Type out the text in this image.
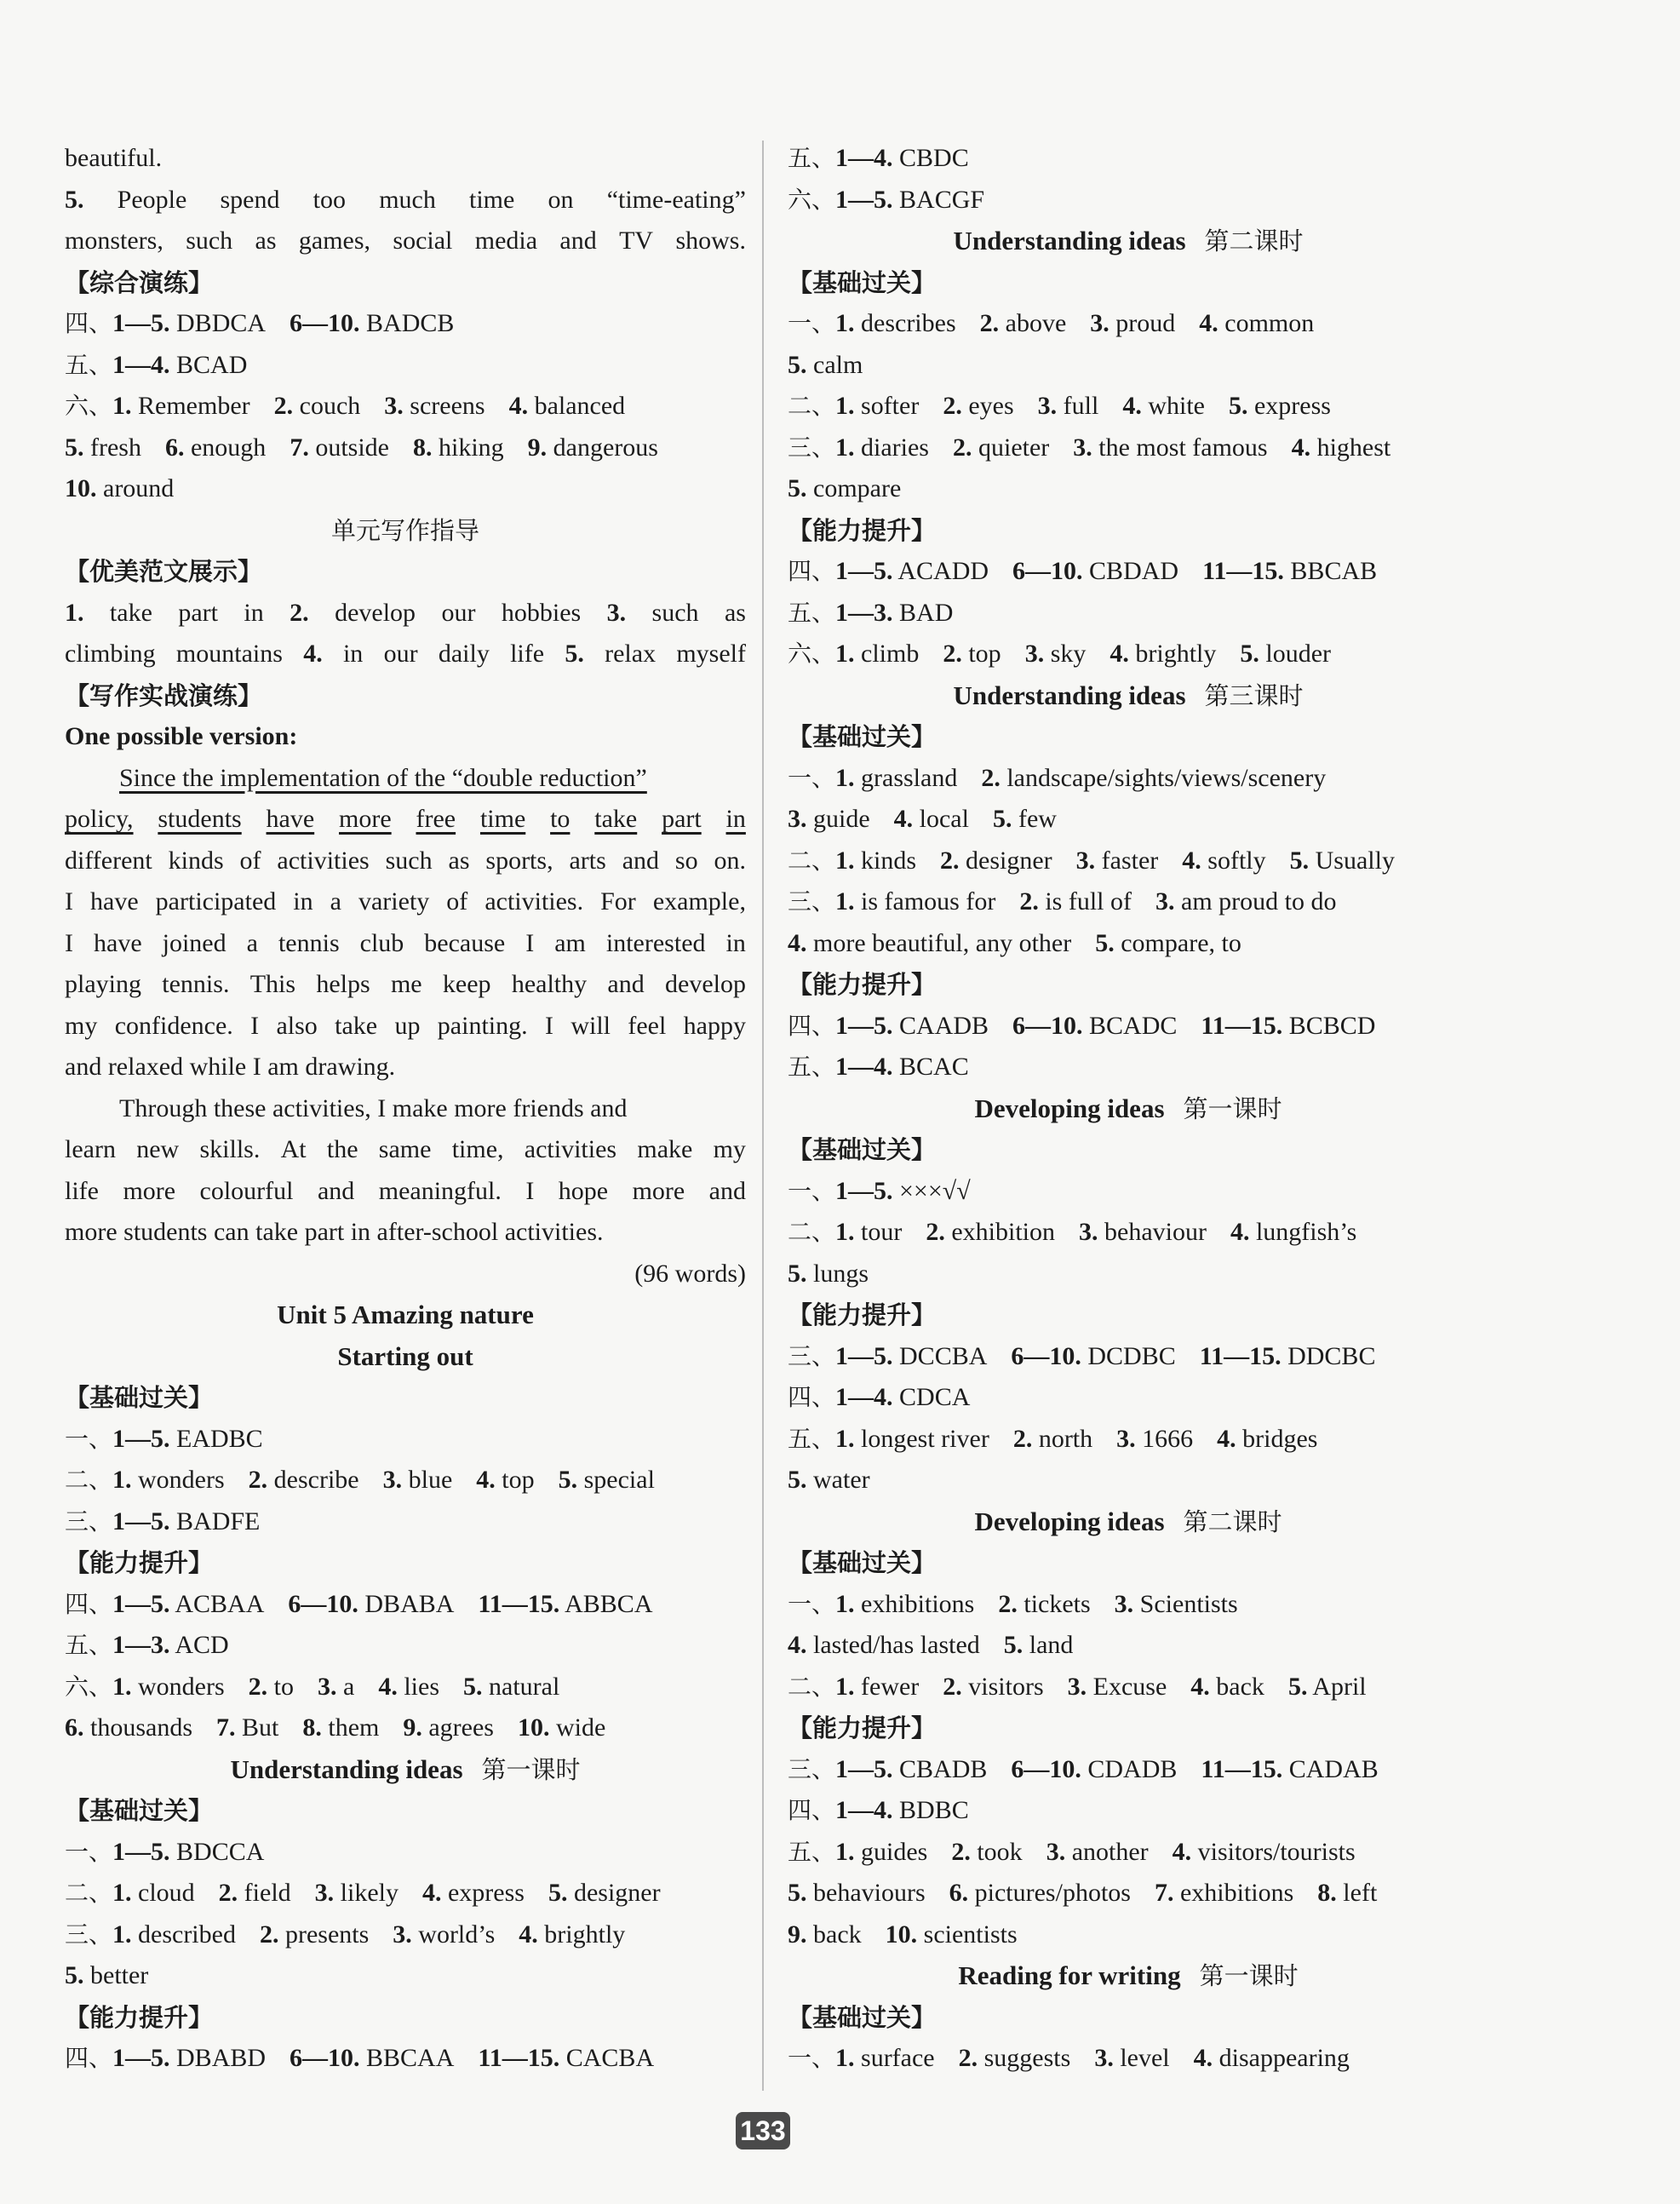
beautiful.
5. People spend too much time on “time-eating”
monsters, such as games, social media and TV shows.
【综合演练】
四、1—5. DBDCA 6—10. BADCB
五、1—4. BCAD
六、1. Remember 2. couch 3. screens 4. balanced
5. fresh 6. enough 7. outside 8. hiking 9. dangerous
10. around
单元写作指导
【优美范文展示】
1. take part in 2. develop our hobbies 3. such as
climbing mountains 4. in our daily life 5. relax myself
【写作实战演练】
One possible version:
Since the implementation of the “double reduction”
policy, students have more free time to take part in
different kinds of activities such as sports, arts and so on.
I have participated in a variety of activities. For example,
I have joined a tennis club because I am interested in
playing tennis. This helps me keep healthy and develop
my confidence. I also take up painting. I will feel happy
and relaxed while I am drawing.
Through these activities, I make more friends and
learn new skills. At the same time, activities make my
life more colourful and meaningful. I hope more and
more students can take part in after-school activities.
(96 words)
Unit 5 Amazing nature
Starting out
【基础过关】
一、1—5. EADBC
二、1. wonders 2. describe 3. blue 4. top 5. special
三、1—5. BADFE
【能力提升】
四、1—5. ACBAA 6—10. DBABA 11—15. ABBCA
五、1—3. ACD
六、1. wonders 2. to 3. a 4. lies 5. natural
6. thousands 7. But 8. them 9. agrees 10. wide
Understanding ideas 第一课时
【基础过关】
一、1—5. BDCCA
二、1. cloud 2. field 3. likely 4. express 5. designer
三、1. described 2. presents 3. world’s 4. brightly
5. better
【能力提升】
四、1—5. DBABD 6—10. BBCAA 11—15. CACBA
五、1—4. CBDC
六、1—5. BACGF
Understanding ideas 第二课时
【基础过关】
一、1. describes 2. above 3. proud 4. common
5. calm
二、1. softer 2. eyes 3. full 4. white 5. express
三、1. diaries 2. quieter 3. the most famous 4. highest
5. compare
【能力提升】
四、1—5. ACADD 6—10. CBDAD 11—15. BBCAB
五、1—3. BAD
六、1. climb 2. top 3. sky 4. brightly 5. louder
Understanding ideas 第三课时
【基础过关】
一、1. grassland 2. landscape/sights/views/scenery
3. guide 4. local 5. few
二、1. kinds 2. designer 3. faster 4. softly 5. Usually
三、1. is famous for 2. is full of 3. am proud to do
4. more beautiful, any other 5. compare, to
【能力提升】
四、1—5. CAADB 6—10. BCADC 11—15. BCBCD
五、1—4. BCAC
Developing ideas 第一课时
【基础过关】
一、1—5. ×××√√
二、1. tour 2. exhibition 3. behaviour 4. lungfish’s
5. lungs
【能力提升】
三、1—5. DCCBA 6—10. DCDBC 11—15. DDCBC
四、1—4. CDCA
五、1. longest river 2. north 3. 1666 4. bridges
5. water
Developing ideas 第二课时
【基础过关】
一、1. exhibitions 2. tickets 3. Scientists
4. lasted/has lasted 5. land
二、1. fewer 2. visitors 3. Excuse 4. back 5. April
【能力提升】
三、1—5. CBADB 6—10. CDADB 11—15. CADAB
四、1—4. BDBC
五、1. guides 2. took 3. another 4. visitors/tourists
5. behaviours 6. pictures/photos 7. exhibitions 8. left
9. back 10. scientists
Reading for writing 第一课时
【基础过关】
一、1. surface 2. suggests 3. level 4. disappearing
133
